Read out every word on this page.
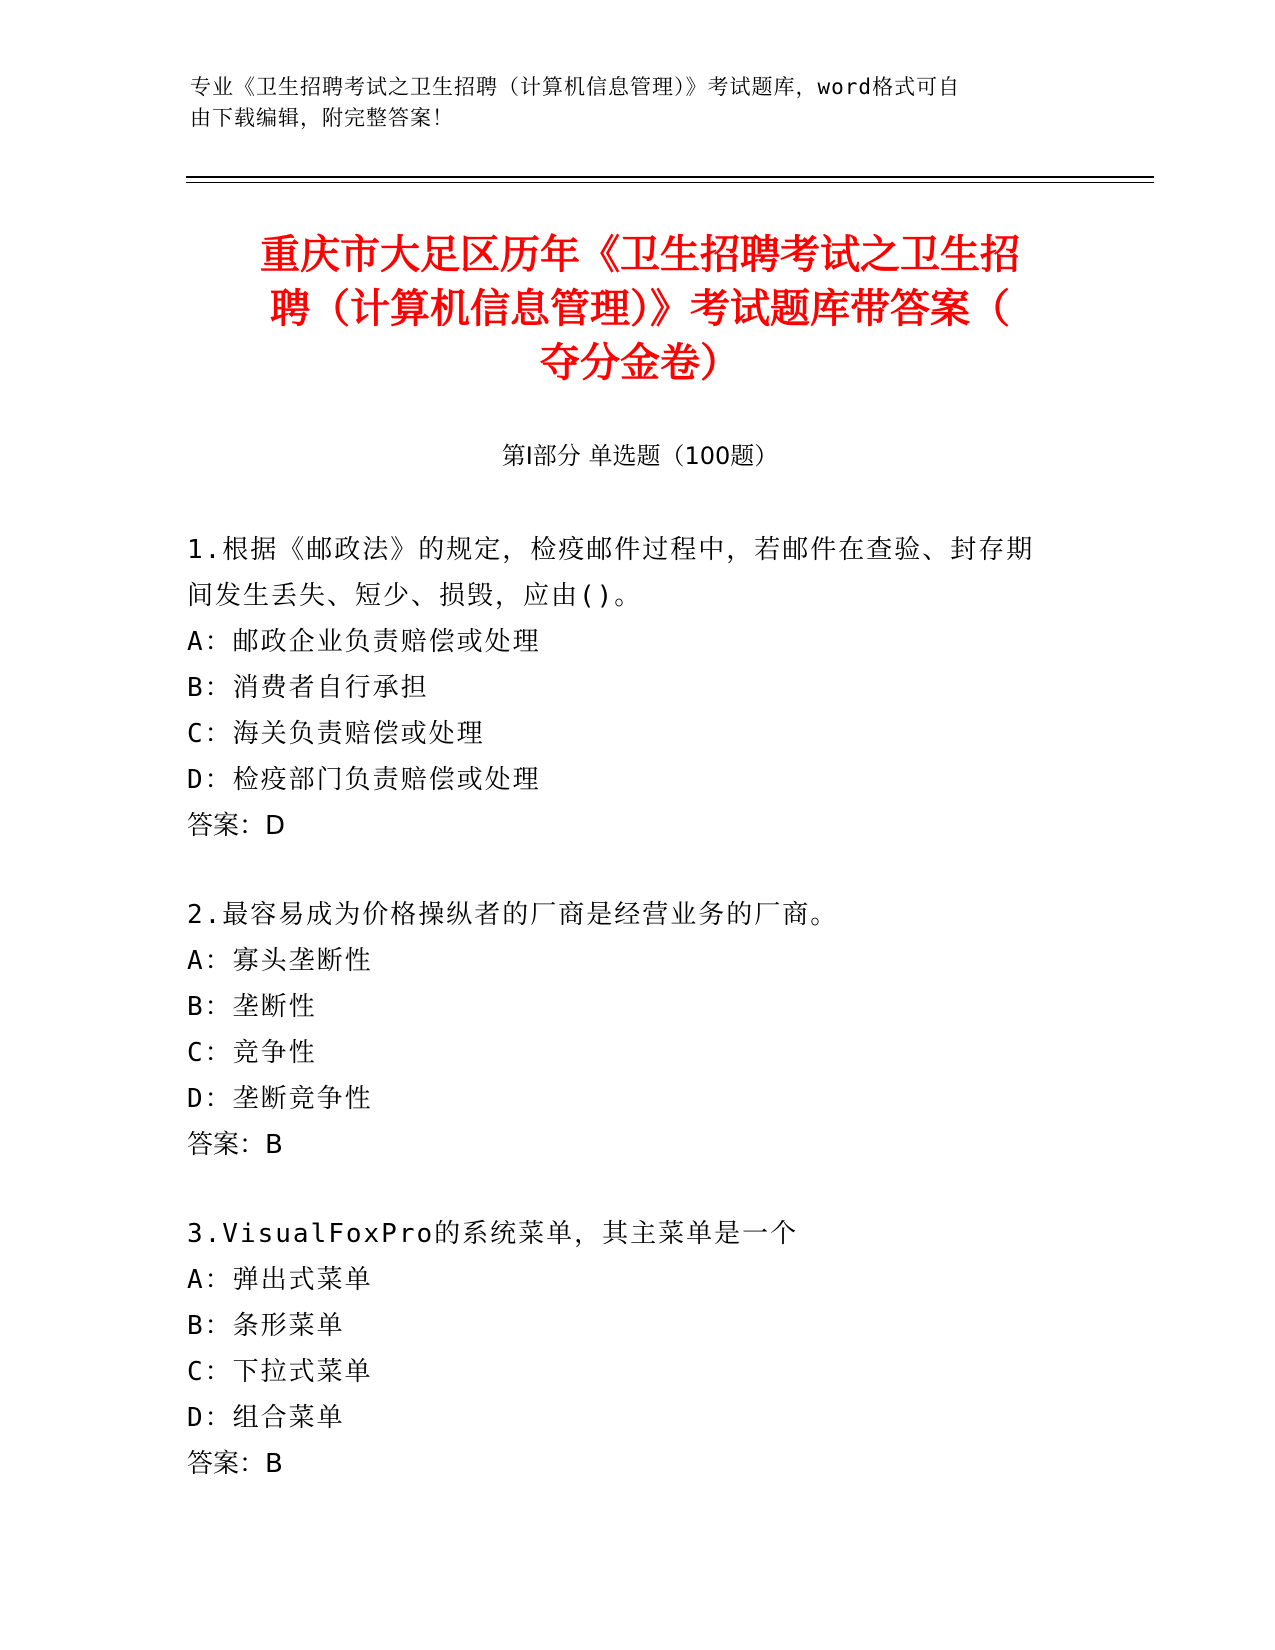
专业《卫生招聘考试之卫生招聘（计算机信息管理）》考试题库，word格式可自
由下载编辑，附完整答案！
重庆市大足区历年《卫生招聘考试之卫生招
聘（计算机信息管理）》考试题库带答案（
夺分金卷）
第Ⅰ部分 单选题（100题）
1.根据《邮政法》的规定，检疫邮件过程中，若邮件在查验、封存期
间发生丢失、短少、损毁，应由()。
A：邮政企业负责赔偿或处理
B：消费者自行承担
C：海关负责赔偿或处理
D：检疫部门负责赔偿或处理
答案：D
2.最容易成为价格操纵者的厂商是经营业务的厂商。
A：寡头垄断性
B：垄断性
C：竞争性
D：垄断竞争性
答案：B
3.VisualFoxPro的系统菜单，其主菜单是一个
A：弹出式菜单
B：条形菜单
C：下拉式菜单
D：组合菜单
答案：B
